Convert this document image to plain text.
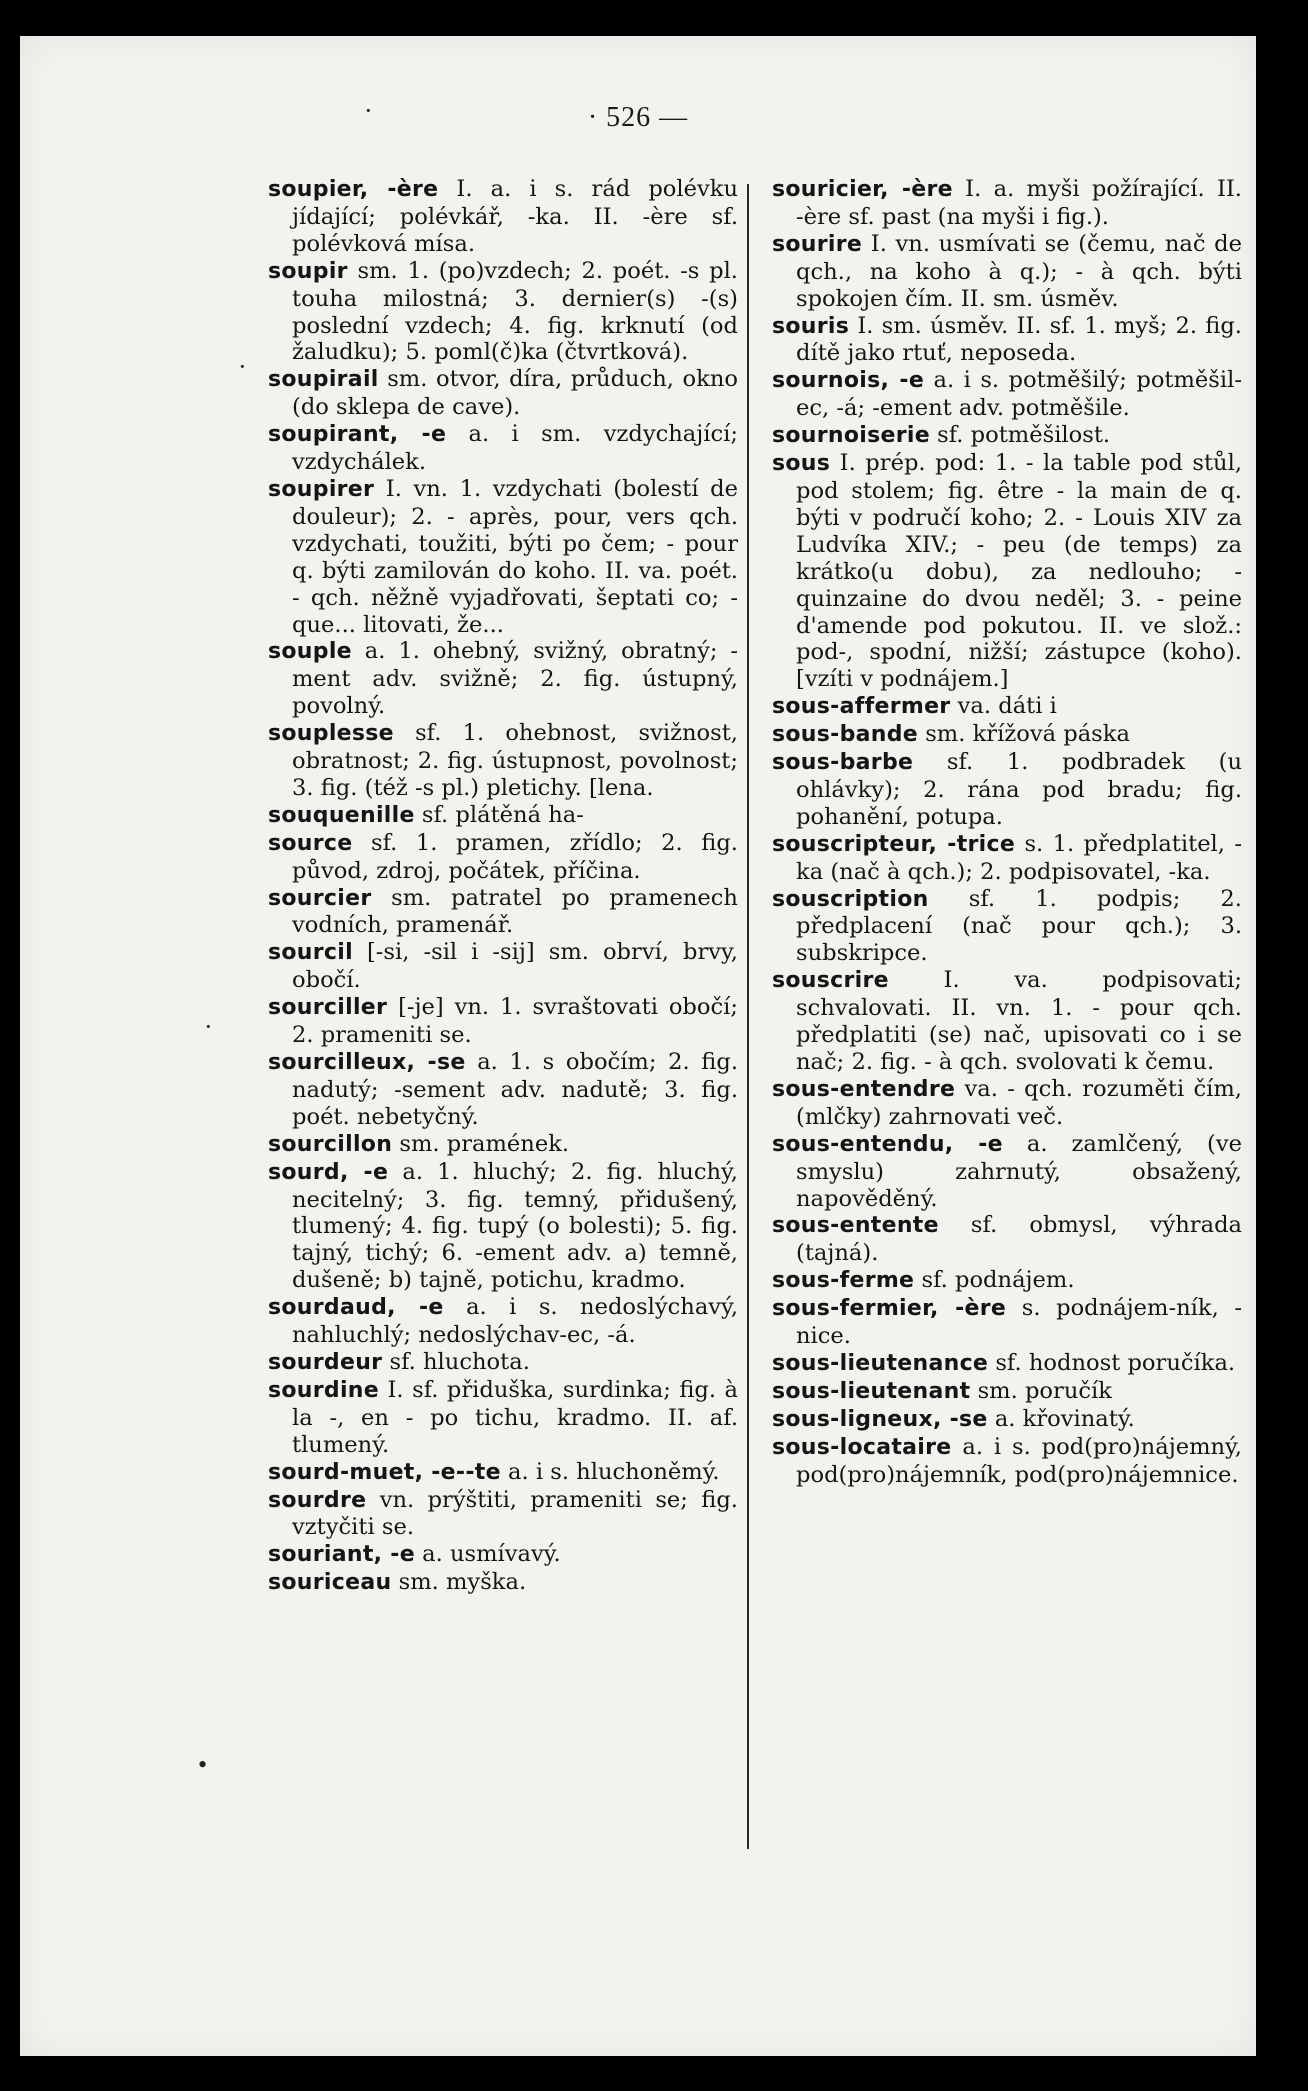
· 526 —
·
·
·
•

soupier, -ère I. a. i s. rád polévku jídající; polévkář, -ka. II. -ère sf. polévková mísa.

soupir sm. 1. (po)vzdech; 2. poét. -s pl. touha milostná; 3. dernier(s) -(s) poslední vzdech; 4. fig. krknutí (od žaludku); 5. poml(č)ka (čtvrtková).

soupirail sm. otvor, díra, průduch, okno (do sklepa de cave).

soupirant, -e a. i sm. vzdychající; vzdychálek.

soupirer I. vn. 1. vzdychati (bolestí de douleur); 2. - après, pour, vers qch. vzdychati, toužiti, býti po čem; - pour q. býti zamilován do koho. II. va. poét. - qch. něžně vyjadřovati, šeptati co; - que... litovati, že...

souple a. 1. ohebný, svižný, obratný; -ment adv. svižně; 2. fig. ústupný, povolný.

souplesse sf. 1. ohebnost, svižnost, obratnost; 2. fig. ústupnost, povolnost; 3. fig. (též -s pl.) pletichy. [lena.

souquenille sf. plátěná ha-

source sf. 1. pramen, zřídlo; 2. fig. původ, zdroj, počátek, příčina.

sourcier sm. patratel po pramenech vodních, pramenář.

sourcil [-si, -sil i -sij] sm. obrví, brvy, obočí.

sourciller [-je] vn. 1. svraštovati obočí; 2. prameniti se.

sourcilleux, -se a. 1. s obočím; 2. fig. nadutý; -sement adv. nadutě; 3. fig. poét. nebetyčný.

sourcillon sm. pramének.

sourd, -e a. 1. hluchý; 2. fig. hluchý, necitelný; 3. fig. temný, přidušený, tlumený; 4. fig. tupý (o bolesti); 5. fig. tajný, tichý; 6. -ement adv. a) temně, dušeně; b) tajně, potichu, kradmo.

sourdaud, -e a. i s. nedoslýchavý, nahluchlý; nedoslýchav-ec, -á.

sourdeur sf. hluchota.

sourdine I. sf. přiduška, surdinka; fig. à la -, en - po tichu, kradmo. II. af. tlumený.

sourd-muet, -e--te a. i s. hluchoněmý.

sourdre vn. prýštiti, prameniti se; fig. vztyčiti se.

souriant, -e a. usmívavý.

souriceau sm. myška.

souricier, -ère I. a. myši požírající. II. -ère sf. past (na myši i fig.).

sourire I. vn. usmívati se (čemu, nač de qch., na koho à q.); - à qch. býti spokojen čím. II. sm. úsměv.

souris I. sm. úsměv. II. sf. 1. myš; 2. fig. dítě jako rtuť, neposeda.

sournois, -e a. i s. potměšilý; potměšil-ec, -á; -ement adv. potměšile.

sournoiserie sf. potměšilost.

sous I. prép. pod: 1. - la table pod stůl, pod stolem; fig. être - la main de q. býti v područí koho; 2. - Louis XIV za Ludvíka XIV.; - peu (de temps) za krátko(u dobu), za nedlouho; - quinzaine do dvou neděl; 3. - peine d'amende pod pokutou. II. ve slož.: pod-, spodní, nižší; zástupce (koho). [vzíti v podnájem.]

sous-affermer va. dáti i

sous-bande sm. křížová páska

sous-barbe sf. 1. podbradek (u ohlávky); 2. rána pod bradu; fig. pohanění, potupa.

souscripteur, -trice s. 1. předplatitel, -ka (nač à qch.); 2. podpisovatel, -ka.

souscription sf. 1. podpis; 2. předplacení (nač pour qch.); 3. subskripce.

souscrire I. va. podpisovati; schvalovati. II. vn. 1. - pour qch. předplatiti (se) nač, upisovati co i se nač; 2. fig. - à qch. svolovati k čemu.

sous-entendre va. - qch. rozuměti čím, (mlčky) zahrnovati več.

sous-entendu, -e a. zamlčený, (ve smyslu) zahrnutý, obsažený, napověděný.

sous-entente sf. obmysl, výhrada (tajná).

sous-ferme sf. podnájem.

sous-fermier, -ère s. podnájem-ník, -nice.

sous-lieutenance sf. hodnost poručíka.

sous-lieutenant sm. poručík

sous-ligneux, -se a. křovinatý.

sous-locataire a. i s. pod(pro)nájemný, pod(pro)nájemník, pod(pro)nájemnice.
